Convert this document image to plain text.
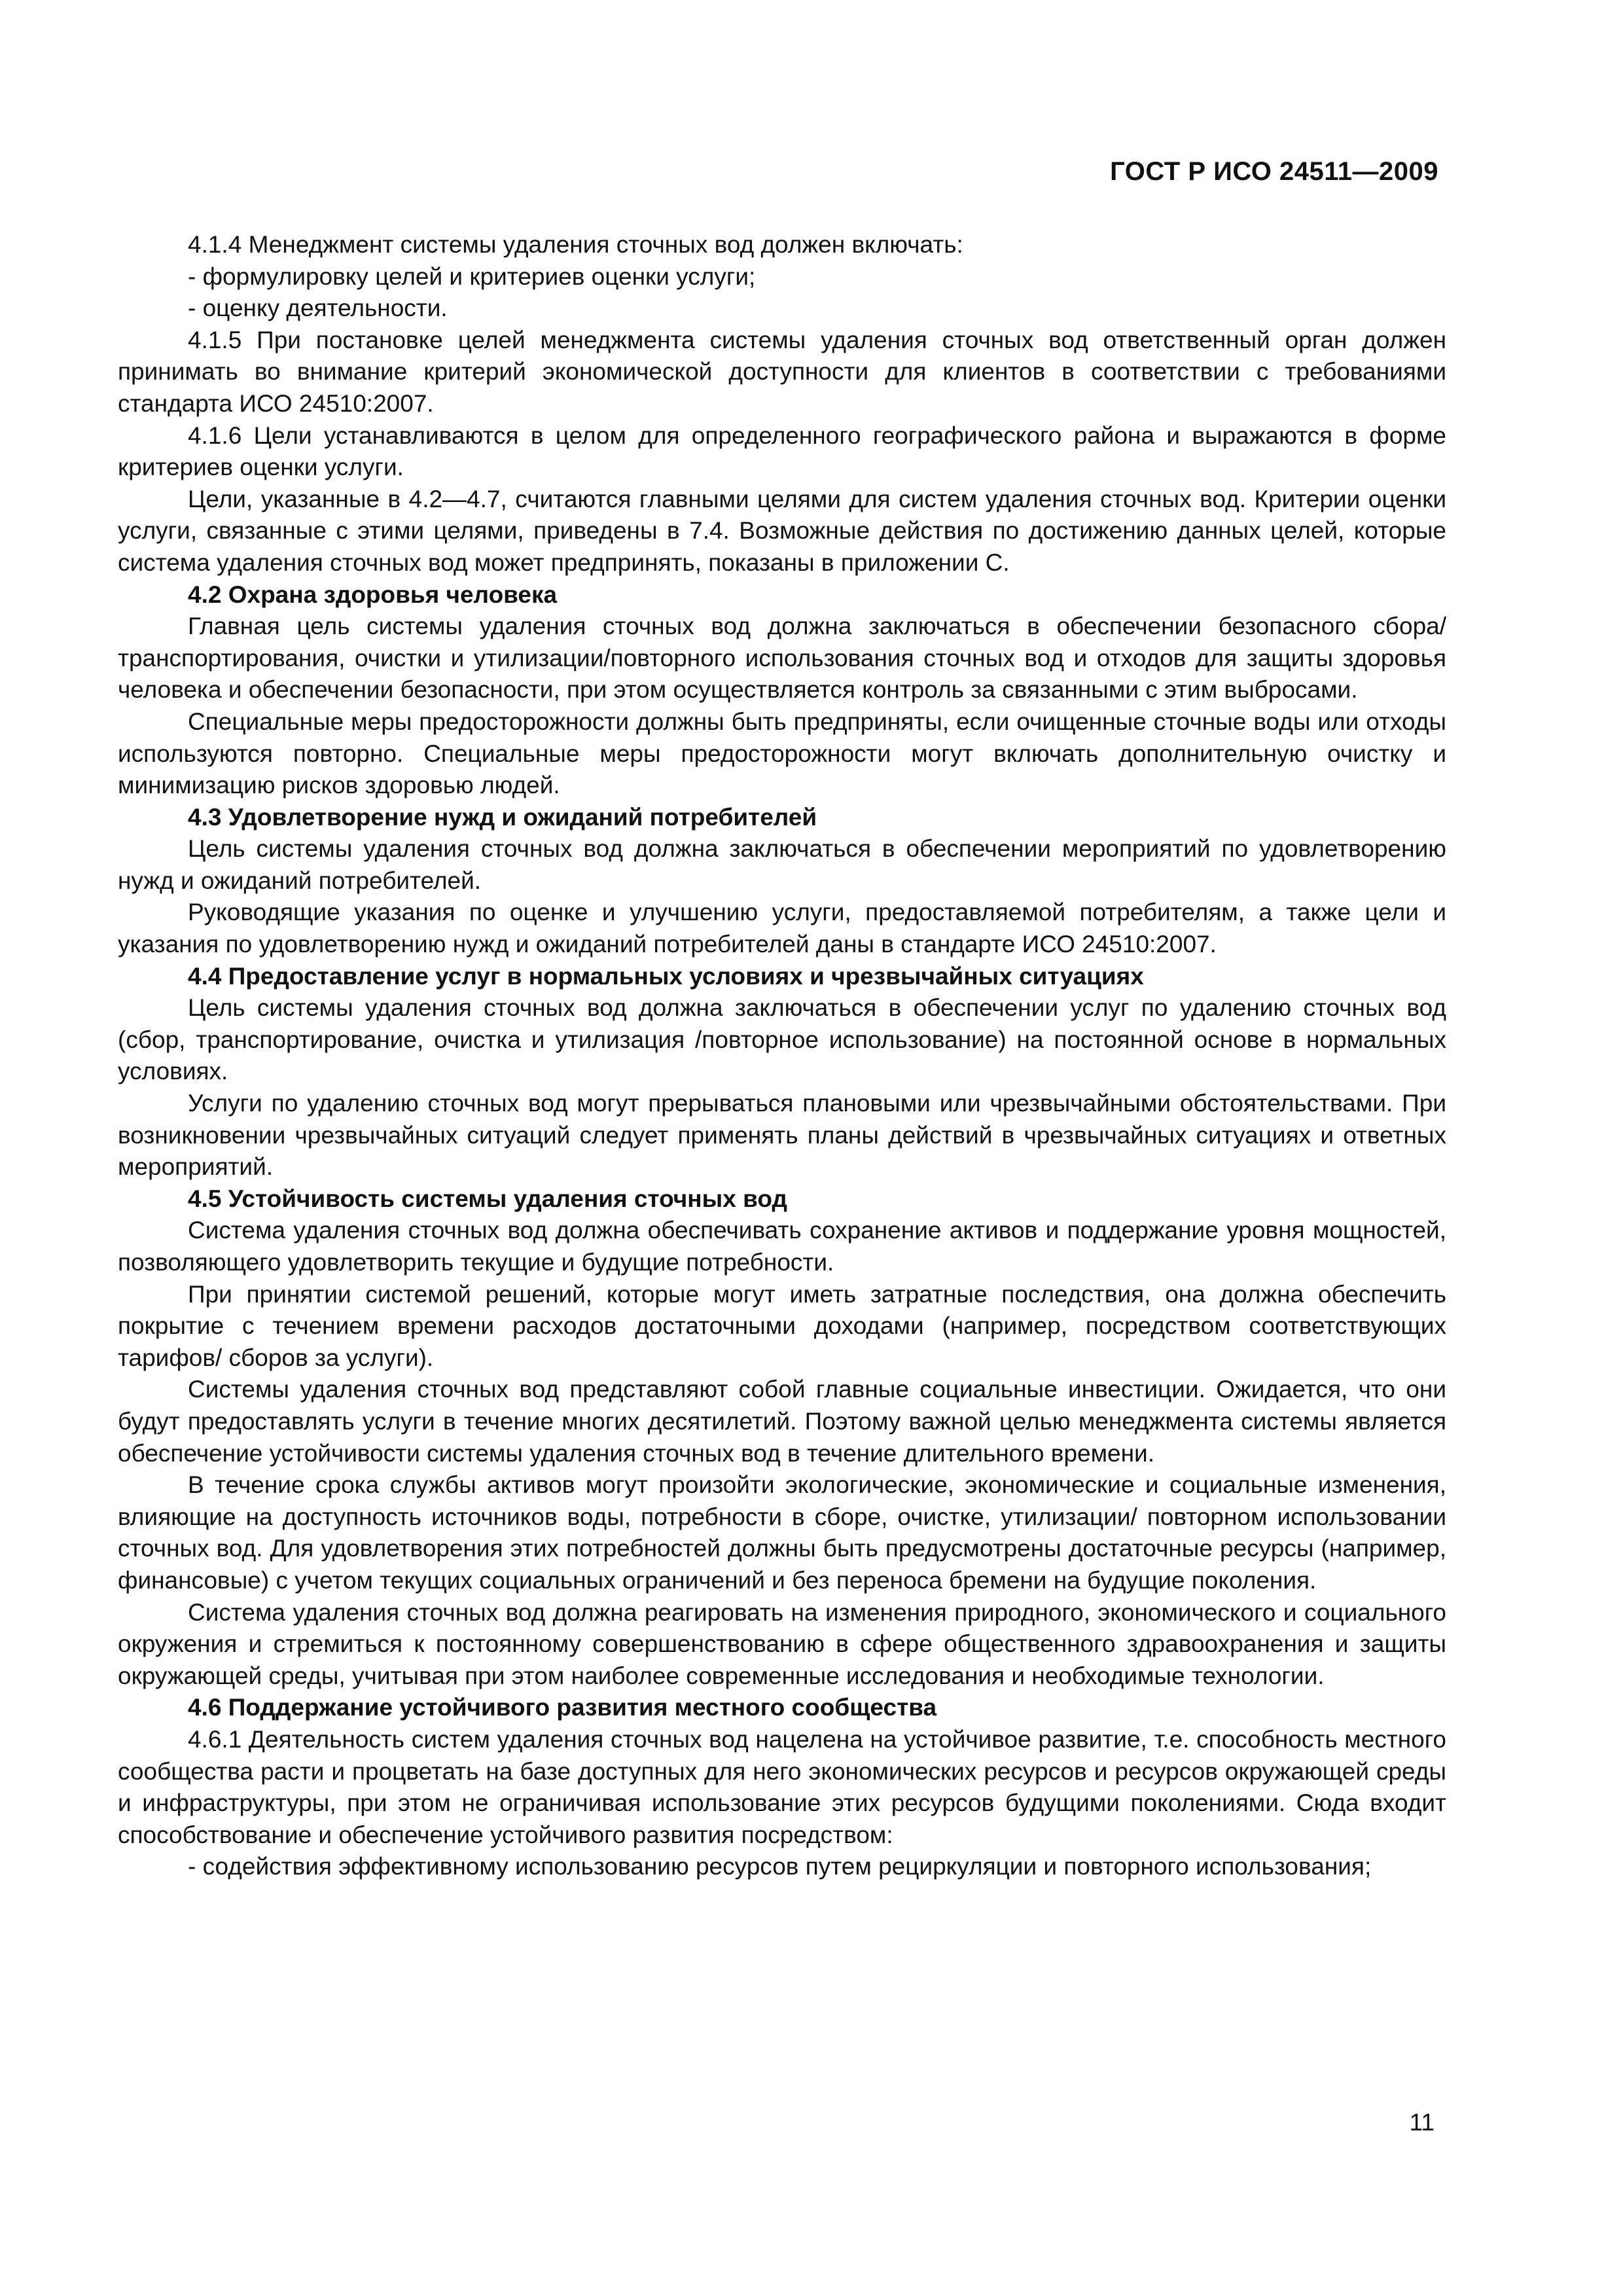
ГОСТ Р ИСО 24511—2009

4.1.4 Менеджмент системы удаления сточных вод должен включать:

- формулировку целей и критериев оценки услуги;

- оценку деятельности.

4.1.5 При постановке целей менеджмента системы удаления сточных вод ответственный орган должен принимать во внимание критерий экономической доступности для клиентов в соответствии с требованиями стандарта ИСО 24510:2007.

4.1.6 Цели устанавливаются в целом для определенного географического района и выражаются в форме критериев оценки услуги.

Цели, указанные в 4.2—4.7, считаются главными целями для систем удаления сточных вод. Критерии оценки услуги, связанные с этими целями, приведены в 7.4. Возможные действия по достижению данных целей, которые система удаления сточных вод может предпринять, показаны в приложении С.

4.2 Охрана здоровья человека

Главная цель системы удаления сточных вод должна заключаться в обеспечении безопасного сбора/транспортирования, очистки и утилизации/повторного использования сточных вод и отходов для защиты здоровья человека и обеспечении безопасности, при этом осуществляется контроль за связанными с этим выбросами.

Специальные меры предосторожности должны быть предприняты, если очищенные сточные воды или отходы используются повторно. Специальные меры предосторожности могут включать дополнительную очистку и минимизацию рисков здоровью людей.

4.3 Удовлетворение нужд и ожиданий потребителей

Цель системы удаления сточных вод должна заключаться в обеспечении мероприятий по удовлетворению нужд и ожиданий потребителей.

Руководящие указания по оценке и улучшению услуги, предоставляемой потребителям, а также цели и указания по удовлетворению нужд и ожиданий потребителей даны в стандарте ИСО 24510:2007.

4.4 Предоставление услуг в нормальных условиях и чрезвычайных ситуациях

Цель системы удаления сточных вод должна заключаться в обеспечении услуг по удалению сточных вод (сбор, транспортирование, очистка и утилизация /повторное использование) на постоянной основе в нормальных условиях.

Услуги по удалению сточных вод могут прерываться плановыми или чрезвычайными обстоятельствами. При возникновении чрезвычайных ситуаций следует применять планы действий в чрезвычайных ситуациях и ответных мероприятий.

4.5 Устойчивость системы удаления сточных вод

Система удаления сточных вод должна обеспечивать сохранение активов и поддержание уровня мощностей, позволяющего удовлетворить текущие и будущие потребности.

При принятии системой решений, которые могут иметь затратные последствия, она должна обеспечить покрытие с течением времени расходов достаточными доходами (например, посредством соответствующих тарифов/ сборов за услуги).

Системы удаления сточных вод представляют собой главные социальные инвестиции. Ожидается, что они будут предоставлять услуги в течение многих десятилетий. Поэтому важной целью менеджмента системы является обеспечение устойчивости системы удаления сточных вод в течение длительного времени.

В течение срока службы активов могут произойти экологические, экономические и социальные изменения, влияющие на доступность источников воды, потребности в сборе, очистке, утилизации/ повторном использовании сточных вод. Для удовлетворения этих потребностей должны быть предусмотрены достаточные ресурсы (например, финансовые) с учетом текущих социальных ограничений и без переноса бремени на будущие поколения.

Система удаления сточных вод должна реагировать на изменения природного, экономического и социального окружения и стремиться к постоянному совершенствованию в сфере общественного здравоохранения и защиты окружающей среды, учитывая при этом наиболее современные исследования и необходимые технологии.

4.6 Поддержание устойчивого развития местного сообщества

4.6.1 Деятельность систем удаления сточных вод нацелена на устойчивое развитие, т.е. способность местного сообщества расти и процветать на базе доступных для него экономических ресурсов и ресурсов окружающей среды и инфраструктуры, при этом не ограничивая использование этих ресурсов будущими поколениями. Сюда входит способствование и обеспечение устойчивого развития посредством:

- содействия эффективному использованию ресурсов путем рециркуляции и повторного использования;

11
